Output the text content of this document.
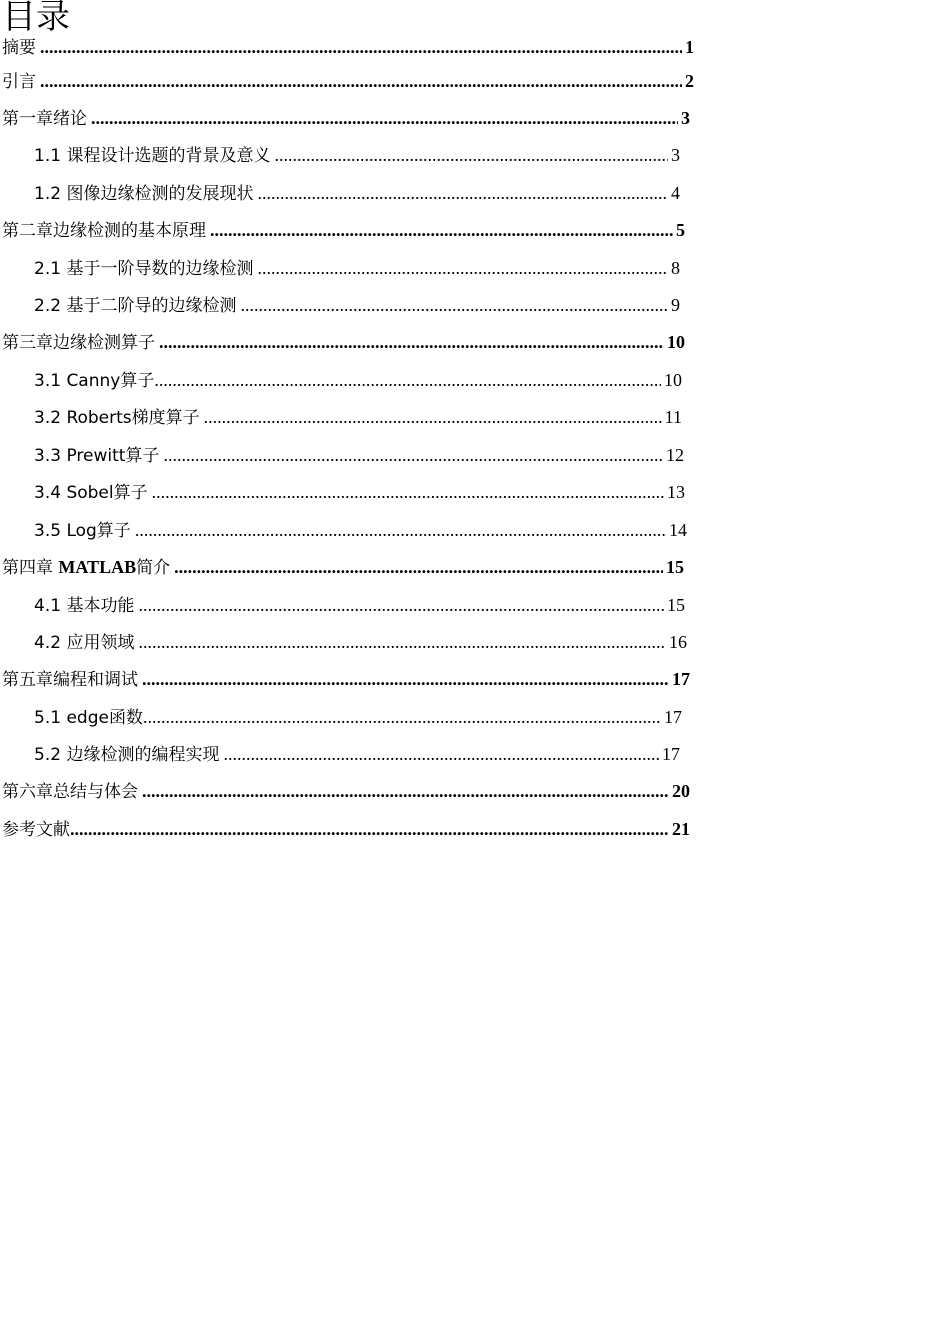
目录
摘要 .....	1
引言 .....	2
第一章绪论 .....	3
1.1 课程设计选题的背景及意义 .....	3
1.2 图像边缘检测的发展现状 .....	4
第二章边缘检测的基本原理 .....	5
2.1 基于一阶导数的边缘检测 .....	8
2.2 基于二阶导的边缘检测 .....	9
第三章边缘检测算子 .....	10
3.1 Canny算子 .....	10
3.2 Roberts梯度算子 .....	11
3.3 Prewitt算子 .....	12
3.4 Sobel算子 .....	13
3.5 Log算子 .....	14
第四章 MATLAB简介 .....	15
4.1 基本功能 .....	15
4.2 应用领域 .....	16
第五章编程和调试 .....	17
5.1 edge函数 .....	17
5.2 边缘检测的编程实现 .....	17
第六章总结与体会 .....	20
参考文献 .....	21
